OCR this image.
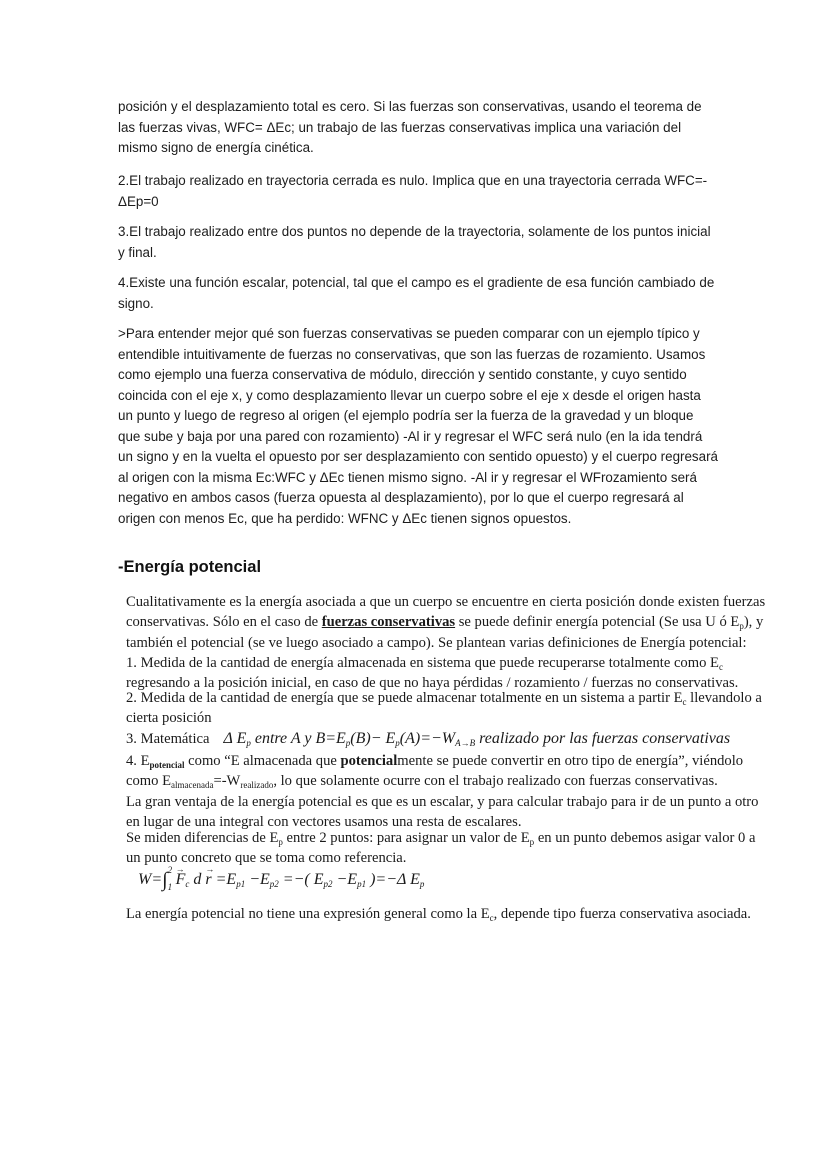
posición y el desplazamiento total es cero. Si las fuerzas son conservativas, usando el teorema de las fuerzas vivas, WFC= ΔEc; un trabajo de las fuerzas conservativas implica una variación del mismo signo de energía cinética.

2.El trabajo realizado en trayectoria cerrada es nulo. Implica que en una trayectoria cerrada WFC=-ΔEp=0

3.El trabajo realizado entre dos puntos no depende de la trayectoria, solamente de los puntos inicial y final.

4.Existe una función escalar, potencial, tal que el campo es el gradiente de esa función cambiado de signo.

>Para entender mejor qué son fuerzas conservativas se pueden comparar con un ejemplo típico y entendible intuitivamente de fuerzas no conservativas, que son las fuerzas de rozamiento. Usamos como ejemplo una fuerza conservativa de módulo, dirección y sentido constante, y cuyo sentido coincida con el eje x, y como desplazamiento llevar un cuerpo sobre el eje x desde el origen hasta un punto y luego de regreso al origen (el ejemplo podría ser la fuerza de la gravedad y un bloque que sube y baja por una pared con rozamiento) -Al ir y regresar el WFC será nulo (en la ida tendrá un signo y en la vuelta el opuesto por ser desplazamiento con sentido opuesto) y el cuerpo regresará al origen con la misma Ec:WFC y ΔEc tienen mismo signo. -Al ir y regresar el WFrozamiento será negativo en ambos casos (fuerza opuesta al desplazamiento), por lo que el cuerpo regresará al origen con menos Ec, que ha perdido: WFNC y ΔEc tienen signos opuestos.

-Energía potencial
Cualitativamente es la energía asociada a que un cuerpo se encuentre en cierta posición donde existen fuerzas conservativas. Sólo en el caso de fuerzas conservativas se puede definir energía potencial (Se usa U ó $E_p$), y también el potencial (se ve luego asociado a campo). Se plantean varias definiciones de Energía potencial:
1. Medida de la cantidad de energía almacenada en sistema que puede recuperarse totalmente como $E_c$ regresando a la posición inicial, en caso de que no haya pérdidas / rozamiento / fuerzas no conservativas.
2. Medida de la cantidad de energía que se puede almacenar totalmente en un sistema a partir $E_c$ llevandolo a cierta posición
3. Matemática Δ $E_p$ entre A y $B=E_p(B)- E_p(A)=-W_{A\to B}$ realizado por las fuerzas conservativas
4. $E_{potencial}$ como “E almacenada que potencialmente se puede convertir en otro tipo de energía”, viéndolo como $E_{almacenada}=-W_{realizado}$, lo que solamente ocurre con el trabajo realizado con fuerzas conservativas.
La gran ventaja de la energía potencial es que es un escalar, y para calcular trabajo para ir de un punto a otro en lugar de una integral con vectores usamos una resta de escalares.
Se miden diferencias de $E_p$ entre 2 puntos: para asignar un valor de $E_p$ en un punto debemos asigar valor 0 a un punto concreto que se toma como referencia.
W=∫ 2
1
→ $F_c$ $d \to r =E_{p1} -E_{p2}$ =−( $E_{p2} -E_{p1}$ )=−Δ $E_p$
La energía potencial no tiene una expresión general como la $E_c$, depende tipo fuerza conservativa asociada.
